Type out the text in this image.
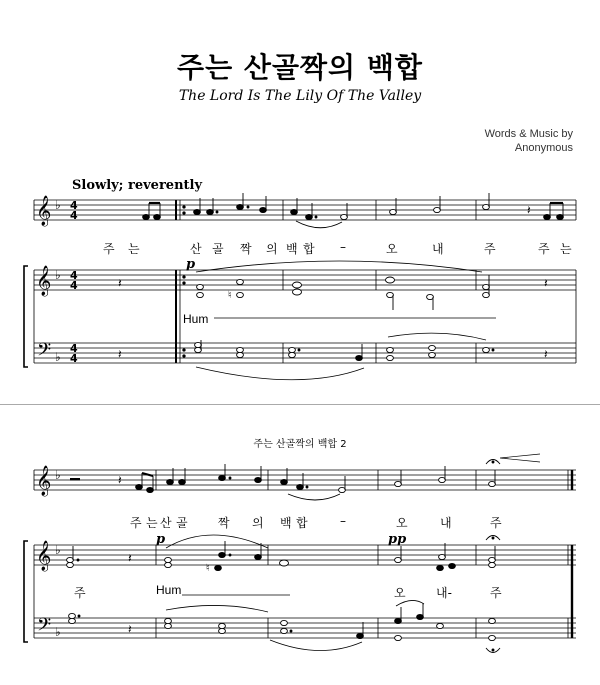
주는 산골짝의 백합
The Lord Is The Lily Of The Valley
Words & Music by
Anonymous
Slowly; reverently
주 는	산 골 짝 의 백 합 –	오	내	주	주 는
Hum
주는 산골짝의 백합 2
주 는 산 골	짝 의 백 합	–	오	내	주
주	Hum	오	내-	주
𝄞
𝄞
𝄢
𝄞
𝄞
𝄢
♭
♭
♭
♭
♭
♭
4
4
4
4
4
4
𝄽
𝄽
♮
𝄽
p
𝄽	𝄽
𝄽
𝄽
♮
p	pp
𝄽
